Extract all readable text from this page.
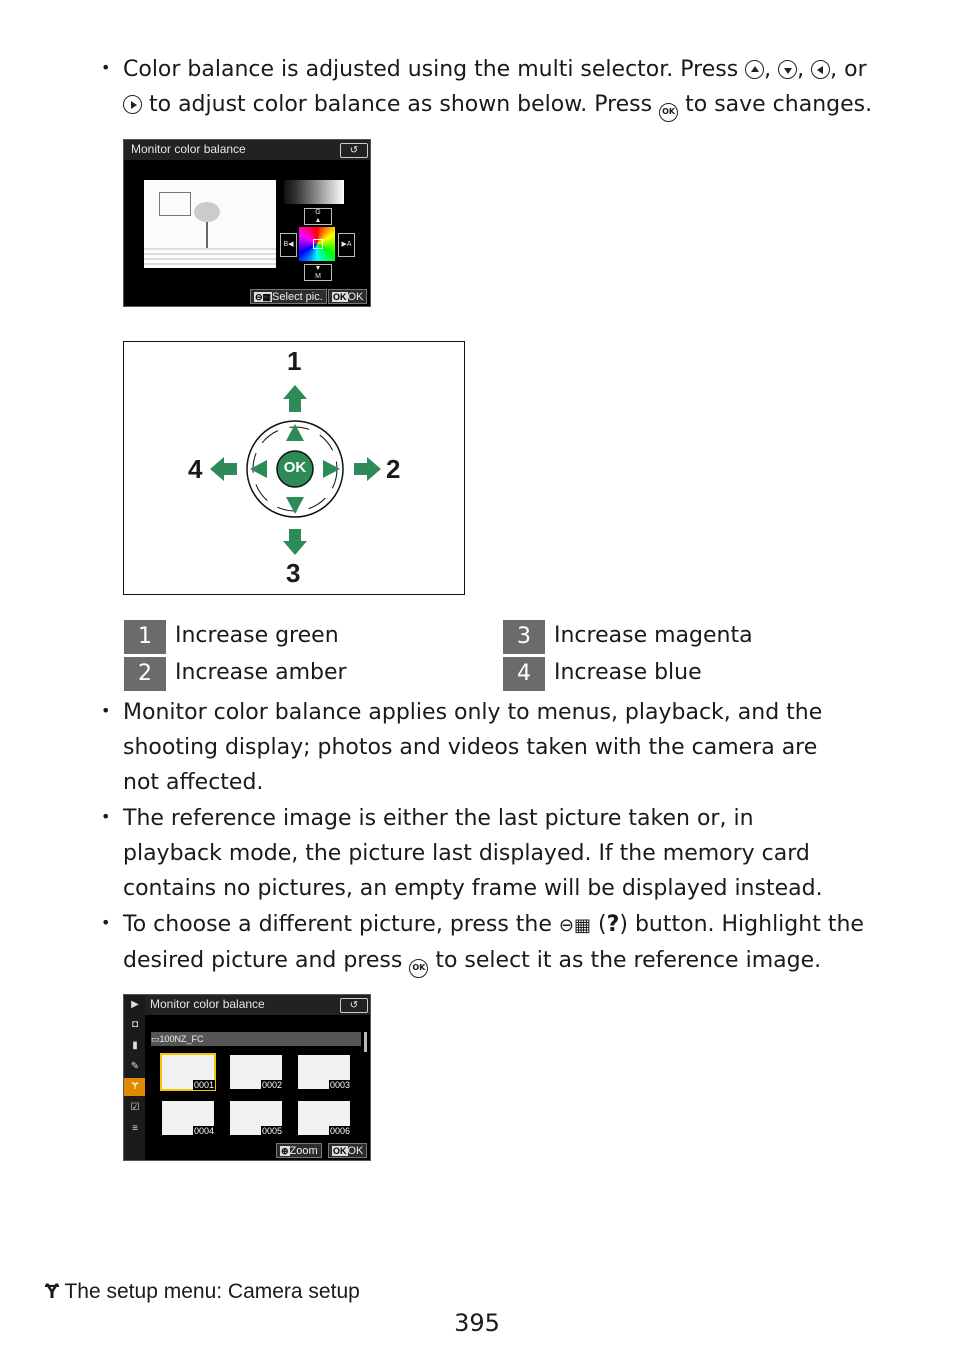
• Color balance is adjusted using the multi selector. Press , , , or
to adjust color balance as shown below. Press OK to save changes.
Monitor color balance	↺
G
▲
B◀	▶A
▼
M
⊖▦Select pic.	OKOK
OK
1
2
3
4
1	Increase green
2	Increase amber
3	Increase magenta
4	Increase blue
• Monitor color balance applies only to menus, playback, and the shooting display; photos and videos taken with the camera are not affected.
• The reference image is either the last picture taken or, in playback mode, the picture last displayed. If the memory card contains no pictures, an empty frame will be displayed instead.
• To choose a different picture, press the ⊖▦ (?) button. Highlight the
desired picture and press OK to select it as the reference image.
▶
◘
▮
✎
Ɏ
☑
≡
Monitor color balance	↺
▭100NZ_FC
0001	0002	0003
0004	0005	0006
⊕Zoom	OKOK
Ɏ The setup menu: Camera setup
395
